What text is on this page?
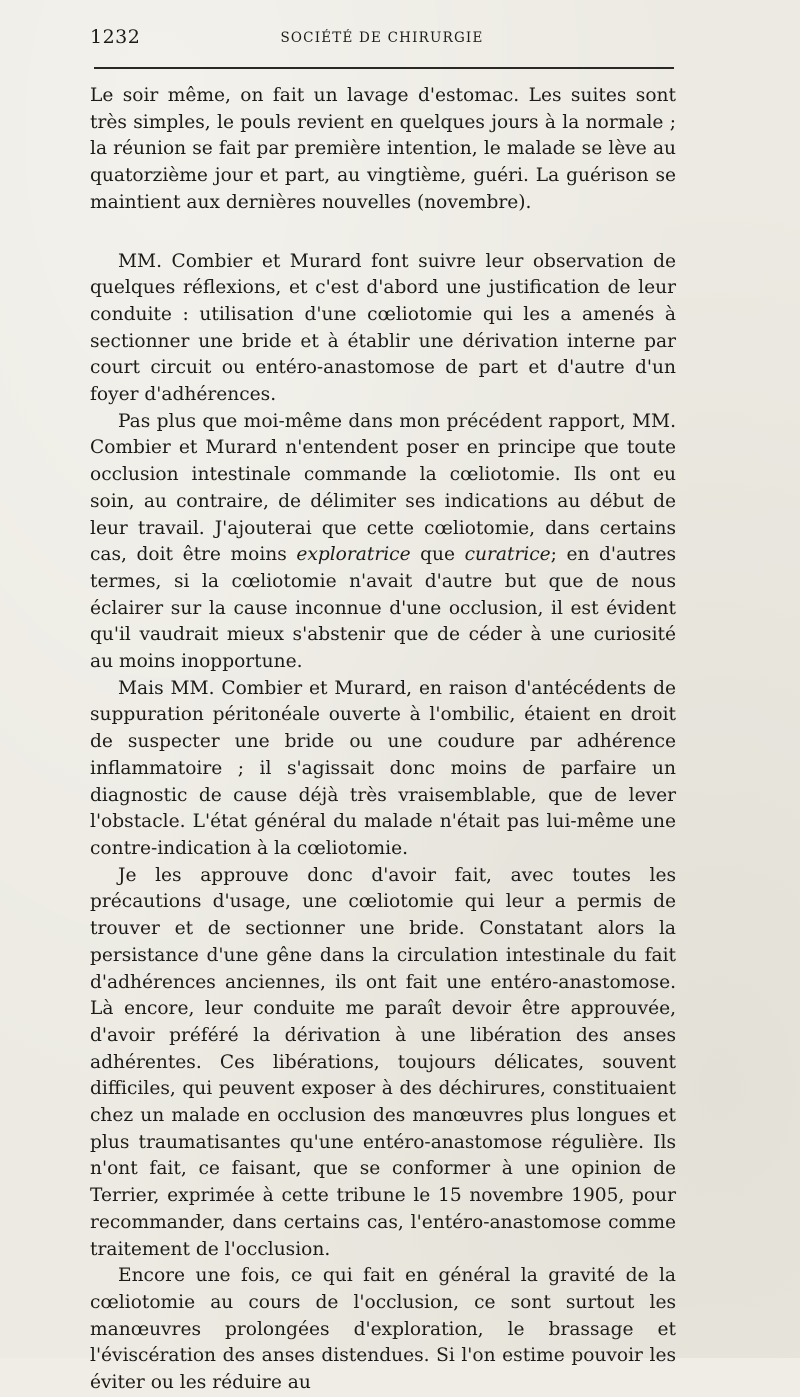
1232	SOCIÉTÉ DE CHIRURGIE

Le soir même, on fait un lavage d'estomac. Les suites sont très simples, le pouls revient en quelques jours à la normale ; la réunion se fait par première intention, le malade se lève au quatorzième jour et part, au vingtième, guéri. La guérison se maintient aux dernières nouvelles (novembre).

MM. Combier et Murard font suivre leur observation de quelques réflexions, et c'est d'abord une justification de leur conduite : utilisation d'une cœliotomie qui les a amenés à sectionner une bride et à établir une dérivation interne par court circuit ou entéro-anastomose de part et d'autre d'un foyer d'adhérences.

Pas plus que moi-même dans mon précédent rapport, MM. Combier et Murard n'entendent poser en principe que toute occlusion intestinale commande la cœliotomie. Ils ont eu soin, au contraire, de délimiter ses indications au début de leur travail. J'ajouterai que cette cœliotomie, dans certains cas, doit être moins exploratrice que curatrice; en d'autres termes, si la cœliotomie n'avait d'autre but que de nous éclairer sur la cause inconnue d'une occlusion, il est évident qu'il vaudrait mieux s'abstenir que de céder à une curiosité au moins inopportune.

Mais MM. Combier et Murard, en raison d'antécédents de suppuration péritonéale ouverte à l'ombilic, étaient en droit de suspecter une bride ou une coudure par adhérence inflammatoire ; il s'agissait donc moins de parfaire un diagnostic de cause déjà très vraisemblable, que de lever l'obstacle. L'état général du malade n'était pas lui-même une contre-indication à la cœliotomie.

Je les approuve donc d'avoir fait, avec toutes les précautions d'usage, une cœliotomie qui leur a permis de trouver et de sectionner une bride. Constatant alors la persistance d'une gêne dans la circulation intestinale du fait d'adhérences anciennes, ils ont fait une entéro-anastomose. Là encore, leur conduite me paraît devoir être approuvée, d'avoir préféré la dérivation à une libération des anses adhérentes. Ces libérations, toujours délicates, souvent difficiles, qui peuvent exposer à des déchirures, constituaient chez un malade en occlusion des manœuvres plus longues et plus traumatisantes qu'une entéro-anastomose régulière. Ils n'ont fait, ce faisant, que se conformer à une opinion de Terrier, exprimée à cette tribune le 15 novembre 1905, pour recommander, dans certains cas, l'entéro-anastomose comme traitement de l'occlusion.

Encore une fois, ce qui fait en général la gravité de la cœliotomie au cours de l'occlusion, ce sont surtout les manœuvres prolongées d'exploration, le brassage et l'éviscération des anses distendues. Si l'on estime pouvoir les éviter ou les réduire au
